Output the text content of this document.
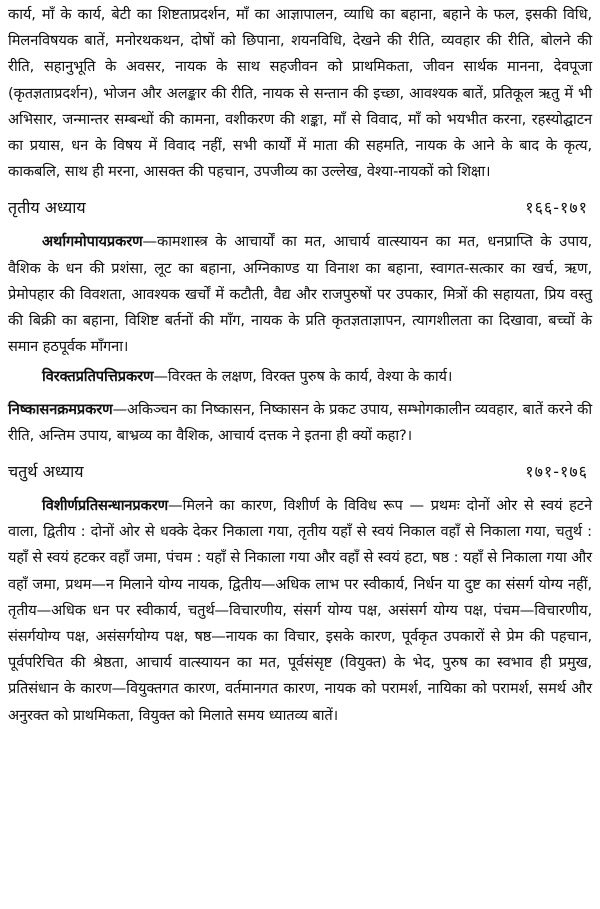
कार्य, माँ के कार्य, बेटी का शिष्टताप्रदर्शन, माँ का आज्ञापालन, व्याधि का बहाना, बहाने के फल, इसकी विधि, मिलनविषयक बातें, मनोरथकथन, दोषों को छिपाना, शयनविधि, देखने की रीति, व्यवहार की रीति, बोलने की रीति, सहानुभूति के अवसर, नायक के साथ सहजीवन को प्राथमिकता, जीवन सार्थक मानना, देवपूजा (कृतज्ञताप्रदर्शन), भोजन और अलङ्कार की रीति, नायक से सन्तान की इच्छा, आवश्यक बातें, प्रतिकूल ऋतु में भी अभिसार, जन्मान्तर सम्बन्धों की कामना, वशीकरण की शङ्का, माँ से विवाद, माँ को भयभीत करना, रहस्योद्घाटन का प्रयास, धन के विषय में विवाद नहीं, सभी कार्यों में माता की सहमति, नायक के आने के बाद के कृत्य, काकबलि, साथ ही मरना, आसक्त की पहचान, उपजीव्य का उल्लेख, वेश्या-नायकों को शिक्षा।

तृतीय अध्याय	१६६-१७१

अर्थागमोपायप्रकरण—कामशास्त्र के आचार्यों का मत, आचार्य वात्स्यायन का मत, धनप्राप्ति के उपाय, वैशिक के धन की प्रशंसा, लूट का बहाना, अग्निकाण्ड या विनाश का बहाना, स्वागत-सत्कार का खर्च, ऋण, प्रेमोपहार की विवशता, आवश्यक खर्चों में कटौती, वैद्य और राजपुरुषों पर उपकार, मित्रों की सहायता, प्रिय वस्तु की बिक्री का बहाना, विशिष्ट बर्तनों की माँग, नायक के प्रति कृतज्ञताज्ञापन, त्यागशीलता का दिखावा, बच्चों के समान हठपूर्वक माँगना।

विरक्तप्रतिपत्तिप्रकरण—विरक्त के लक्षण, विरक्त पुरुष के कार्य, वेश्या के कार्य।

निष्कासनक्रमप्रकरण—अकिञ्चन का निष्कासन, निष्कासन के प्रकट उपाय, सम्भोगकालीन व्यवहार, बातें करने की रीति, अन्तिम उपाय, बाभ्रव्य का वैशिक, आचार्य दत्तक ने इतना ही क्यों कहा?।

चतुर्थ अध्याय	१७१-१७६

विशीर्णप्रतिसन्धानप्रकरण—मिलने का कारण, विशीर्ण के विविध रूप — प्रथमः दोनों ओर से स्वयं हटने वाला, द्वितीय : दोनों ओर से धक्के देकर निकाला गया, तृतीय यहाँ से स्वयं निकाल वहाँ से निकाला गया, चतुर्थ : यहाँ से स्वयं हटकर वहाँ जमा, पंचम : यहाँ से निकाला गया और वहाँ से स्वयं हटा, षष्ठ : यहाँ से निकाला गया और वहाँ जमा, प्रथम—न मिलाने योग्य नायक, द्वितीय—अधिक लाभ पर स्वीकार्य, निर्धन या दुष्ट का संसर्ग योग्य नहीं, तृतीय—अधिक धन पर स्वीकार्य, चतुर्थ—विचारणीय, संसर्ग योग्य पक्ष, असंसर्ग योग्य पक्ष, पंचम—विचारणीय, संसर्गयोग्य पक्ष, असंसर्गयोग्य पक्ष, षष्ठ—नायक का विचार, इसके कारण, पूर्वकृत उपकारों से प्रेम की पहचान, पूर्वपरिचित की श्रेष्ठता, आचार्य वात्स्यायन का मत, पूर्वसंसृष्ट (वियुक्त) के भेद, पुरुष का स्वभाव ही प्रमुख, प्रतिसंधान के कारण—वियुक्तगत कारण, वर्तमानगत कारण, नायक को परामर्श, नायिका को परामर्श, समर्थ और अनुरक्त को प्राथमिकता, वियुक्त को मिलाते समय ध्यातव्य बातें।
